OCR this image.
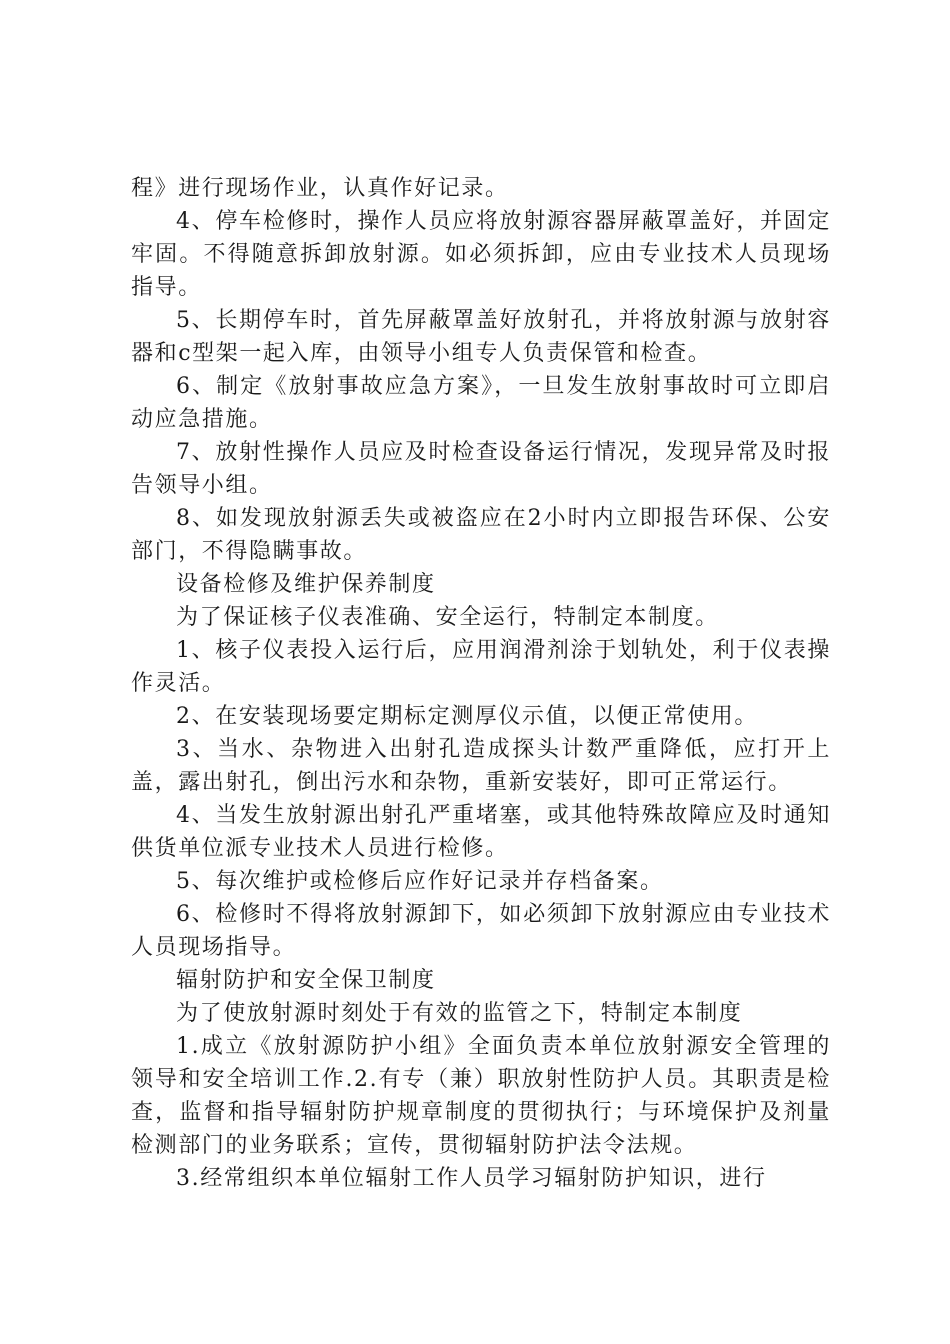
程》进行现场作业，认真作好记录。

4、停车检修时，操作人员应将放射源容器屏蔽罩盖好，并固定牢固。不得随意拆卸放射源。如必须拆卸，应由专业技术人员现场指导。

5、长期停车时，首先屏蔽罩盖好放射孔，并将放射源与放射容器和c型架一起入库，由领导小组专人负责保管和检查。

6、制定《放射事故应急方案》，一旦发生放射事故时可立即启动应急措施。

7、放射性操作人员应及时检查设备运行情况，发现异常及时报告领导小组。

8、如发现放射源丢失或被盗应在2小时内立即报告环保、公安部门，不得隐瞒事故。

设备检修及维护保养制度

为了保证核子仪表准确、安全运行，特制定本制度。

1、核子仪表投入运行后，应用润滑剂涂于划轨处，利于仪表操作灵活。

2、在安装现场要定期标定测厚仪示值，以便正常使用。

3、当水、杂物进入出射孔造成探头计数严重降低，应打开上盖，露出射孔，倒出污水和杂物，重新安装好，即可正常运行。

4、当发生放射源出射孔严重堵塞，或其他特殊故障应及时通知供货单位派专业技术人员进行检修。

5、每次维护或检修后应作好记录并存档备案。

6、检修时不得将放射源卸下，如必须卸下放射源应由专业技术人员现场指导。

辐射防护和安全保卫制度

为了使放射源时刻处于有效的监管之下，特制定本制度

1.成立《放射源防护小组》全面负责本单位放射源安全管理的领导和安全培训工作.2.有专（兼）职放射性防护人员。其职责是检查，监督和指导辐射防护规章制度的贯彻执行；与环境保护及剂量检测部门的业务联系；宣传，贯彻辐射防护法令法规。

3.经常组织本单位辐射工作人员学习辐射防护知识，进行
